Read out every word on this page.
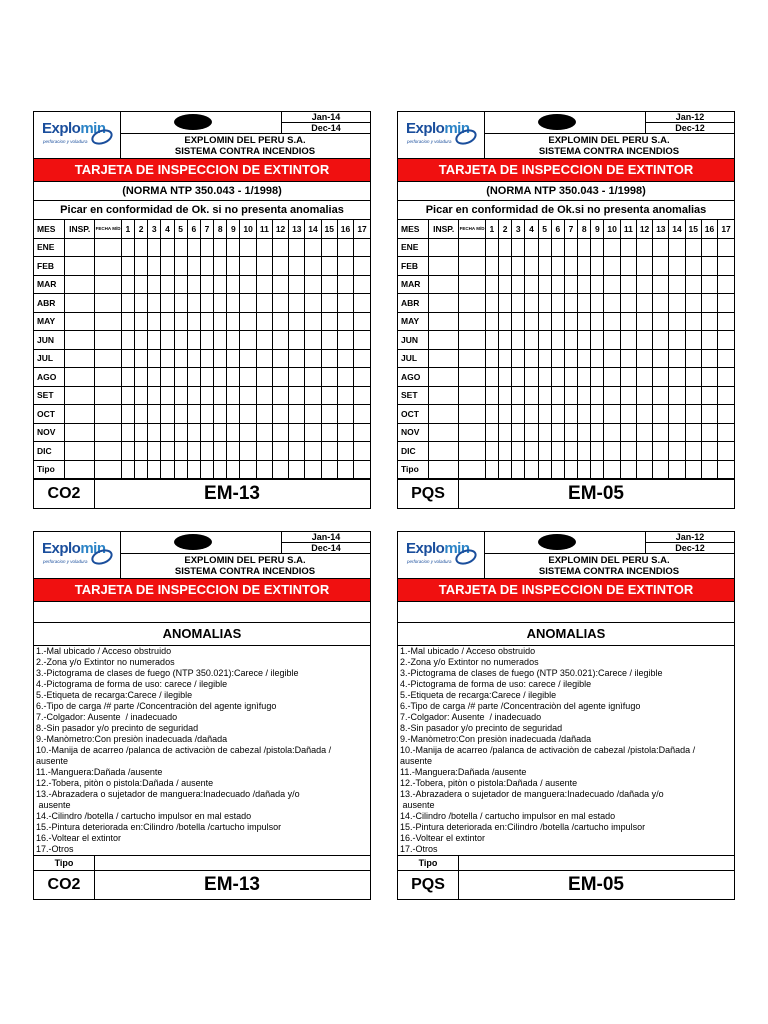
Explomin
perforacion y voladura
Jan-14
Dec-14
EXPLOMIN DEL PERU S.A.
SISTEMA CONTRA INCENDIOS
TARJETA DE INSPECCION DE EXTINTOR
(NORMA NTP 350.043 - 1/1998)
Picar en conformidad de Ok. si no presenta anomalias
MES	INSP.	FECHA M/D	1	2	3	4	5	6	7	8	9	10	11	12	13	14	15	16	17
ENE																			
FEB																			
MAR																			
ABR																			
MAY																			
JUN																			
JUL																			
AGO																			
SET																			
OCT																			
NOV																			
DIC																			
Tipo																			
CO2	EM-13
Explomin
perforacion y voladura
Jan-12
Dec-12
EXPLOMIN DEL PERU S.A.
SISTEMA CONTRA INCENDIOS
TARJETA DE INSPECCION DE EXTINTOR
(NORMA NTP 350.043 - 1/1998)
Picar en conformidad de Ok.si no presenta anomalias
MES	INSP.	FECHA M/D	1	2	3	4	5	6	7	8	9	10	11	12	13	14	15	16	17
ENE																			
FEB																			
MAR																			
ABR																			
MAY																			
JUN																			
JUL																			
AGO																			
SET																			
OCT																			
NOV																			
DIC																			
Tipo																			
PQS	EM-05
Explomin
perforacion y voladura
Jan-14
Dec-14
EXPLOMIN DEL PERU S.A.
SISTEMA CONTRA INCENDIOS
TARJETA DE INSPECCION DE EXTINTOR
ANOMALIAS
1.-Mal ubicado / Acceso obstruido
2.-Zona y/o Extintor no numerados
3.-Pictograma de clases de fuego (NTP 350.021):Carece / ilegible
4.-Pictograma de forma de uso: carece / ilegible
5.-Etiqueta de recarga:Carece / ilegible
6.-Tipo de carga /# parte /Concentraciòn del agente ignìfugo
7.-Colgador: Ausente  / inadecuado
8.-Sin pasador y/o precinto de seguridad
9.-Manòmetro:Con presiòn inadecuada /dañada
10.-Manija de acarreo /palanca de activaciòn de cabezal /pistola:Dañada /
ausente
11.-Manguera:Dañada /ausente
12.-Tobera, pitòn o pistola:Dañada / ausente
13.-Abrazadera o sujetador de manguera:Inadecuado /dañada y/o
ausente
14.-Cilindro /botella / cartucho impulsor en mal estado
15.-Pintura deteriorada en:Cilindro /botella /cartucho impulsor
16.-Voltear el extintor
17.-Otros
Tipo
CO2	EM-13
Explomin
perforacion y voladura
Jan-12
Dec-12
EXPLOMIN DEL PERU S.A.
SISTEMA CONTRA INCENDIOS
TARJETA DE INSPECCION DE EXTINTOR
ANOMALIAS
1.-Mal ubicado / Acceso obstruido
2.-Zona y/o Extintor no numerados
3.-Pictograma de clases de fuego (NTP 350.021):Carece / ilegible
4.-Pictograma de forma de uso: carece / ilegible
5.-Etiqueta de recarga:Carece / ilegible
6.-Tipo de carga /# parte /Concentraciòn del agente ignìfugo
7.-Colgador: Ausente  / inadecuado
8.-Sin pasador y/o precinto de seguridad
9.-Manòmetro:Con presiòn inadecuada /dañada
10.-Manija de acarreo /palanca de activaciòn de cabezal /pistola:Dañada /
ausente
11.-Manguera:Dañada /ausente
12.-Tobera, pitòn o pistola:Dañada / ausente
13.-Abrazadera o sujetador de manguera:Inadecuado /dañada y/o
ausente
14.-Cilindro /botella / cartucho impulsor en mal estado
15.-Pintura deteriorada en:Cilindro /botella /cartucho impulsor
16.-Voltear el extintor
17.-Otros
Tipo
PQS	EM-05
